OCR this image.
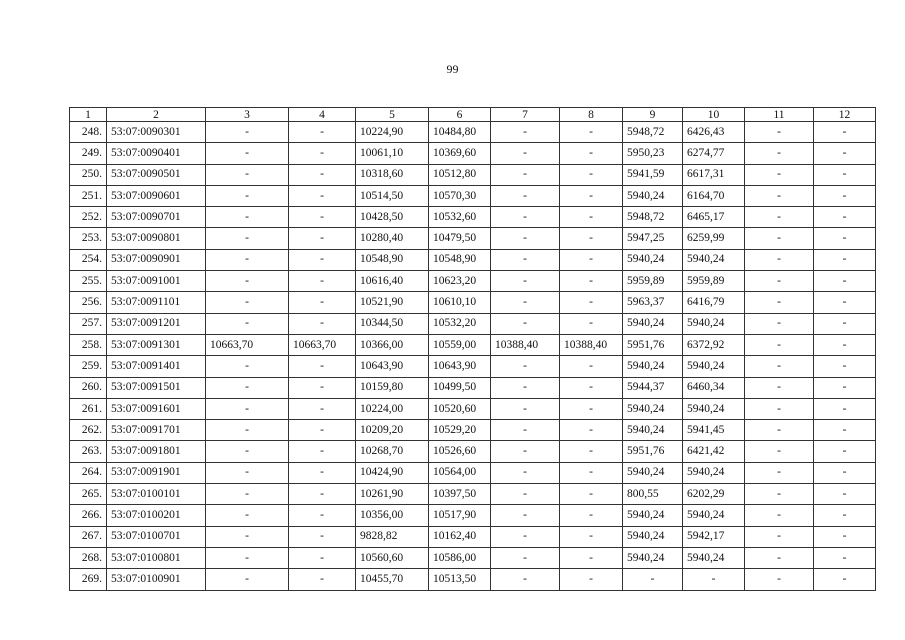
99
1	2	3	4	5	6	7	8	9	10	11	12
248.	53:07:0090301	-	-	10224,90	10484,80	-	-	5948,72	6426,43	-	-
249.	53:07:0090401	-	-	10061,10	10369,60	-	-	5950,23	6274,77	-	-
250.	53:07:0090501	-	-	10318,60	10512,80	-	-	5941,59	6617,31	-	-
251.	53:07:0090601	-	-	10514,50	10570,30	-	-	5940,24	6164,70	-	-
252.	53:07:0090701	-	-	10428,50	10532,60	-	-	5948,72	6465,17	-	-
253.	53:07:0090801	-	-	10280,40	10479,50	-	-	5947,25	6259,99	-	-
254.	53:07:0090901	-	-	10548,90	10548,90	-	-	5940,24	5940,24	-	-
255.	53:07:0091001	-	-	10616,40	10623,20	-	-	5959,89	5959,89	-	-
256.	53:07:0091101	-	-	10521,90	10610,10	-	-	5963,37	6416,79	-	-
257.	53:07:0091201	-	-	10344,50	10532,20	-	-	5940,24	5940,24	-	-
258.	53:07:0091301	10663,70	10663,70	10366,00	10559,00	10388,40	10388,40	5951,76	6372,92	-	-
259.	53:07:0091401	-	-	10643,90	10643,90	-	-	5940,24	5940,24	-	-
260.	53:07:0091501	-	-	10159,80	10499,50	-	-	5944,37	6460,34	-	-
261.	53:07:0091601	-	-	10224,00	10520,60	-	-	5940,24	5940,24	-	-
262.	53:07:0091701	-	-	10209,20	10529,20	-	-	5940,24	5941,45	-	-
263.	53:07:0091801	-	-	10268,70	10526,60	-	-	5951,76	6421,42	-	-
264.	53:07:0091901	-	-	10424,90	10564,00	-	-	5940,24	5940,24	-	-
265.	53:07:0100101	-	-	10261,90	10397,50	-	-	800,55	6202,29	-	-
266.	53:07:0100201	-	-	10356,00	10517,90	-	-	5940,24	5940,24	-	-
267.	53:07:0100701	-	-	9828,82	10162,40	-	-	5940,24	5942,17	-	-
268.	53:07:0100801	-	-	10560,60	10586,00	-	-	5940,24	5940,24	-	-
269.	53:07:0100901	-	-	10455,70	10513,50	-	-	-	-	-	-
